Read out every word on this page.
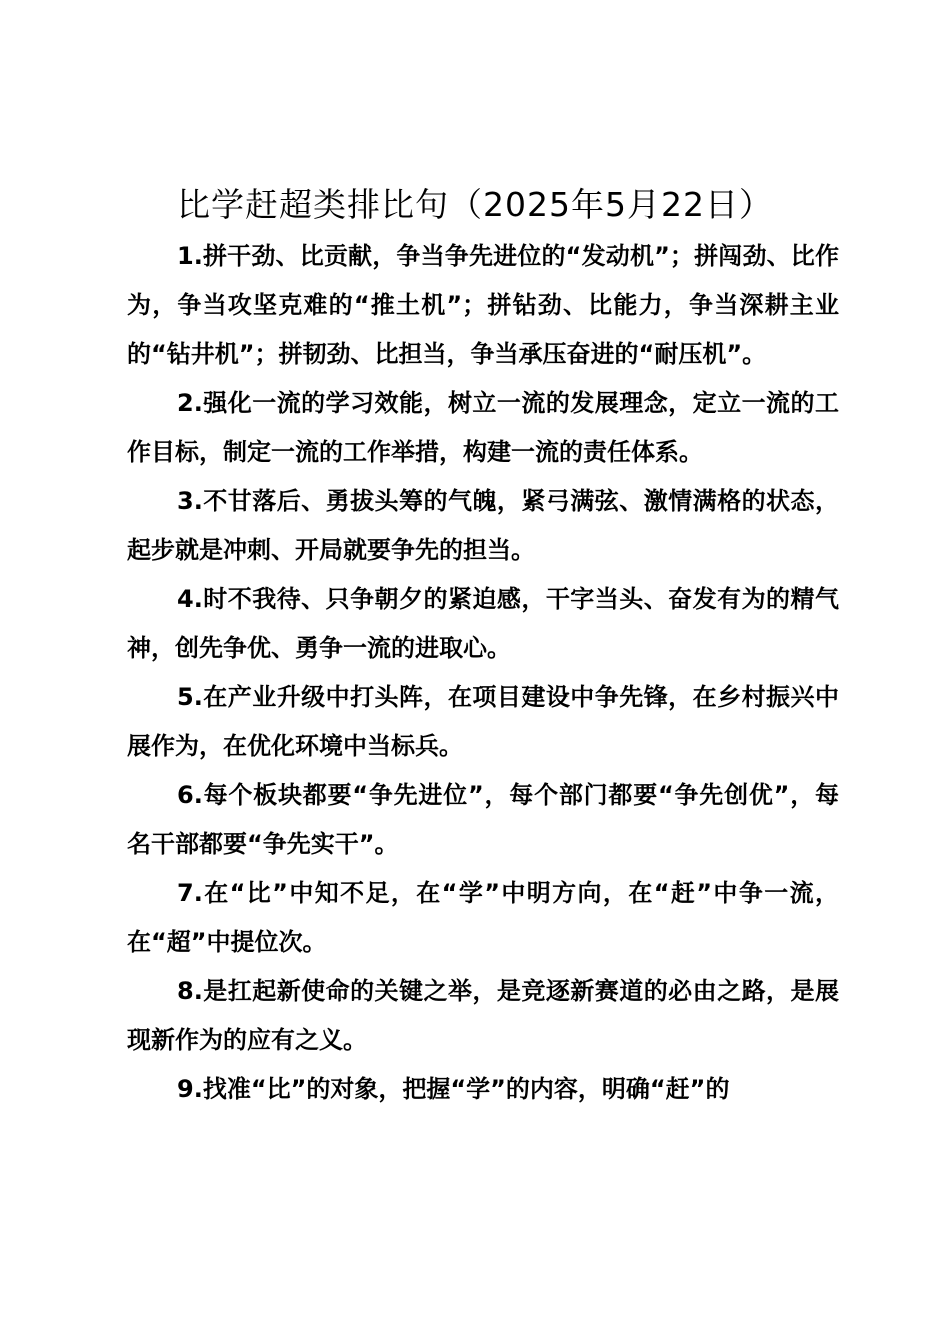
比学赶超类排比句（2025年5月22日）

1.拼干劲、比贡献，争当争先进位的“发动机”；拼闯劲、比作为，争当攻坚克难的“推土机”；拼钻劲、比能力，争当深耕主业的“钻井机”；拼韧劲、比担当，争当承压奋进的“耐压机”。

2.强化一流的学习效能，树立一流的发展理念，定立一流的工作目标，制定一流的工作举措，构建一流的责任体系。

3.不甘落后、勇拔头筹的气魄，紧弓满弦、激情满格的状态，起步就是冲刺、开局就要争先的担当。

4.时不我待、只争朝夕的紧迫感，干字当头、奋发有为的精气神，创先争优、勇争一流的进取心。

5.在产业升级中打头阵，在项目建设中争先锋，在乡村振兴中展作为，在优化环境中当标兵。

6.每个板块都要“争先进位”，每个部门都要“争先创优”，每名干部都要“争先实干”。

7.在“比”中知不足，在“学”中明方向，在“赶”中争一流，在“超”中提位次。

8.是扛起新使命的关键之举，是竞逐新赛道的必由之路，是展现新作为的应有之义。

9.找准“比”的对象，把握“学”的内容，明确“赶”的
